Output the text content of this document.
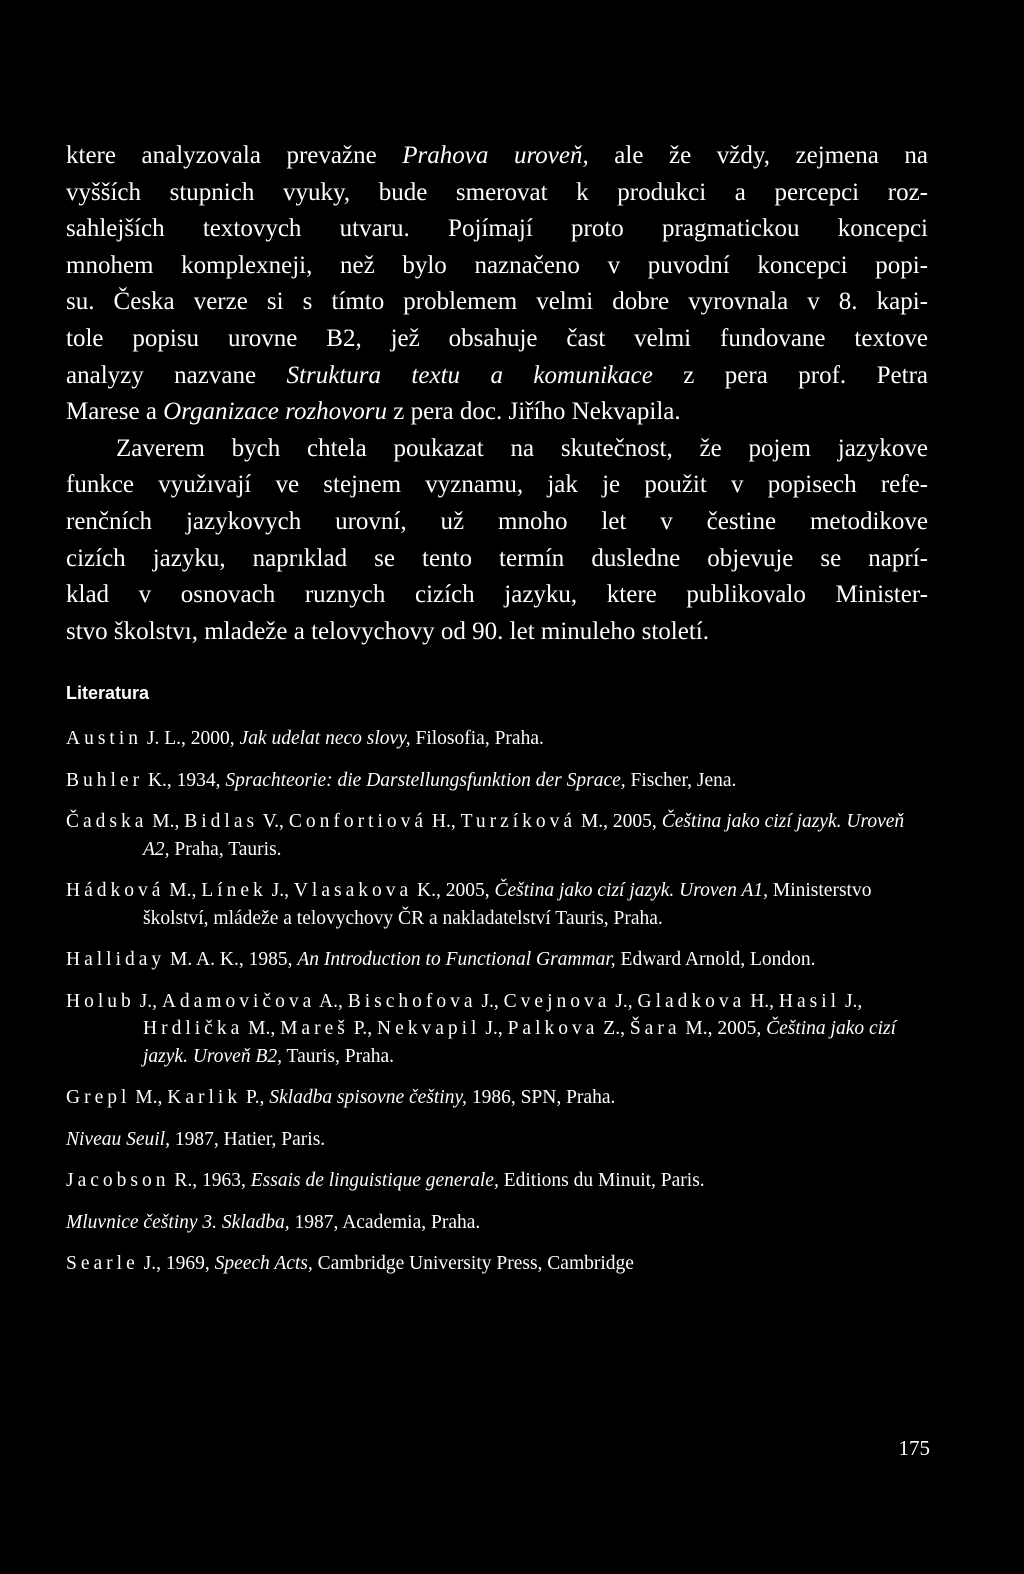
ktere analyzovala prevažne Prahova uroveň, ale že vždy, zejmena na
vyšších stupnich vyuky, bude smerovat k produkci a percepci roz-
sahlejších textovych utvaru. Pojímají proto pragmatickou koncepci
mnohem komplexneji, než bylo naznačeno v puvodní koncepci popi-
su. Česka verze si s tímto problemem velmi dobre vyrovnala v 8. kapi-
tole popisu urovne B2, jež obsahuje čast velmi fundovane textove
analyzy nazvane Struktura textu a komunikace z pera prof. Petra
Marese a Organizace rozhovoru z pera doc. Jiřího Nekvapila.
Zaverem bych chtela poukazat na skutečnost, že pojem jazykove
funkce využıvají ve stejnem vyznamu, jak je použit v popisech refe-
renčních jazykovych urovní, už mnoho let v čestine metodikove
cizích jazyku, naprıklad se tento termín dusledne objevuje se naprí-
klad v osnovach ruznych cizích jazyku, ktere publikovalo Minister-
stvo školstvı, mladeže a telovychovy od 90. let minuleho století.
Literatura

Austin J. L., 2000, Jak udelat neco slovy, Filosofia, Praha.

Buhler K., 1934, Sprachteorie: die Darstellungsfunktion der Sprace, Fischer, Jena.

Čadska M., Bidlas V., Confortiová H., Turzíková M., 2005, Čeština jako cizí jazyk. Uroveň A2, Praha, Tauris.

Hádková M., Línek J., Vlasakova K., 2005, Čeština jako cizí jazyk. Uroven A1, Ministerstvo školství, mládeže a telovychovy ČR a nakladatelství Tauris, Praha.

Halliday M. A. K., 1985, An Introduction to Functional Grammar, Edward Arnold, London.

Holub J., Adamovičova A., Bischofova J., Cvejnova J., Gladkova H., Hasil J., Hrdlička M., Mareš P., Nekvapil J., Palkova Z., Šara M., 2005, Čeština jako cizí jazyk. Uroveň B2, Tauris, Praha.

Grepl M., Karlik P., Skladba spisovne češtiny, 1986, SPN, Praha.

Niveau Seuil, 1987, Hatier, Paris.

Jacobson R., 1963, Essais de linguistique generale, Editions du Minuit, Paris.

Mluvnice češtiny 3. Skladba, 1987, Academia, Praha.

Searle J., 1969, Speech Acts, Cambridge University Press, Cambridge

175
